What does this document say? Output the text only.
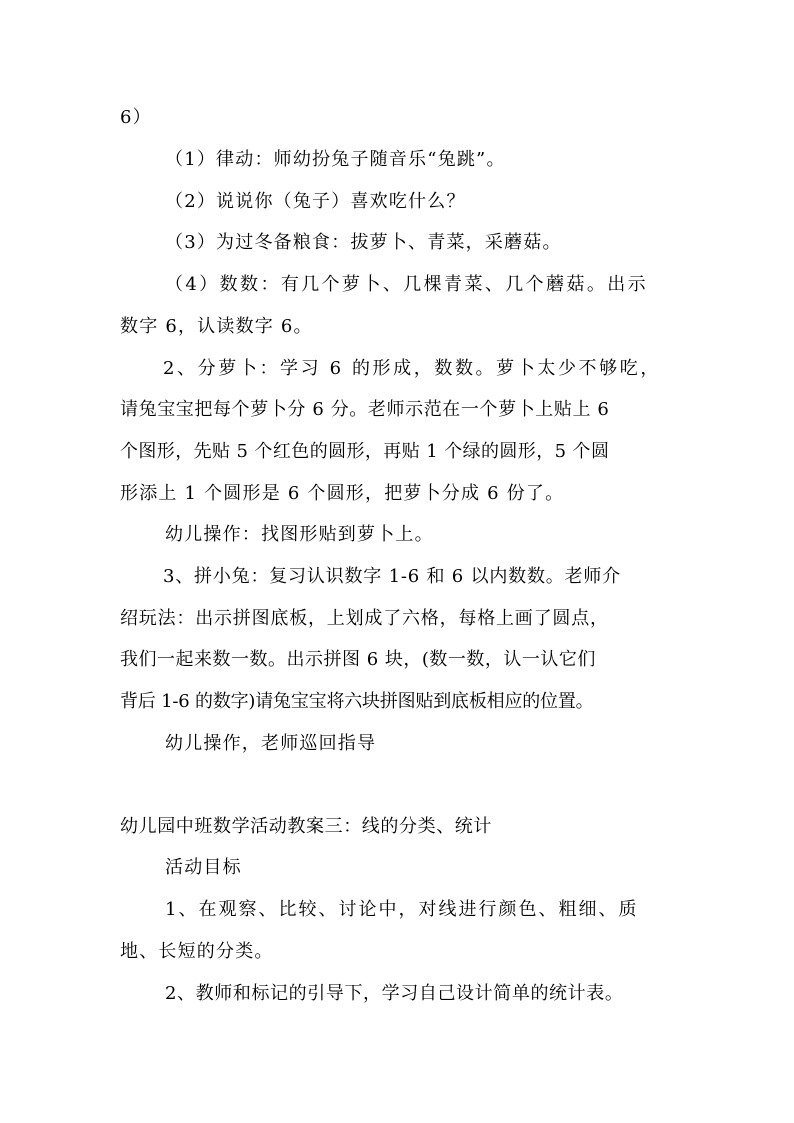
6）
（1）律动：师幼扮兔子随音乐“兔跳”。
（2）说说你（兔子）喜欢吃什么？
（3）为过冬备粮食：拔萝卜、青菜，采蘑菇。
（4）数数：有几个萝卜、几棵青菜、几个蘑菇。出示
数字 6，认读数字 6。
2、分萝卜：学习 6 的形成，数数。萝卜太少不够吃，
请兔宝宝把每个萝卜分 6 分。老师示范在一个萝卜上贴上 6
个图形，先贴 5 个红色的圆形，再贴 1 个绿的圆形，5 个圆
形添上 1 个圆形是 6 个圆形，把萝卜分成 6 份了。
幼儿操作：找图形贴到萝卜上。
3、拼小兔：复习认识数字 1-6 和 6 以内数数。老师介
绍玩法：出示拼图底板，上划成了六格，每格上画了圆点，
我们一起来数一数。出示拼图 6 块，(数一数，认一认它们
背后 1-6 的数字)请兔宝宝将六块拼图贴到底板相应的位置。
幼儿操作，老师巡回指导
幼儿园中班数学活动教案三：线的分类、统计
活动目标
1、在观察、比较、讨论中，对线进行颜色、粗细、质
地、长短的分类。
2、教师和标记的引导下，学习自己设计简单的统计表。
